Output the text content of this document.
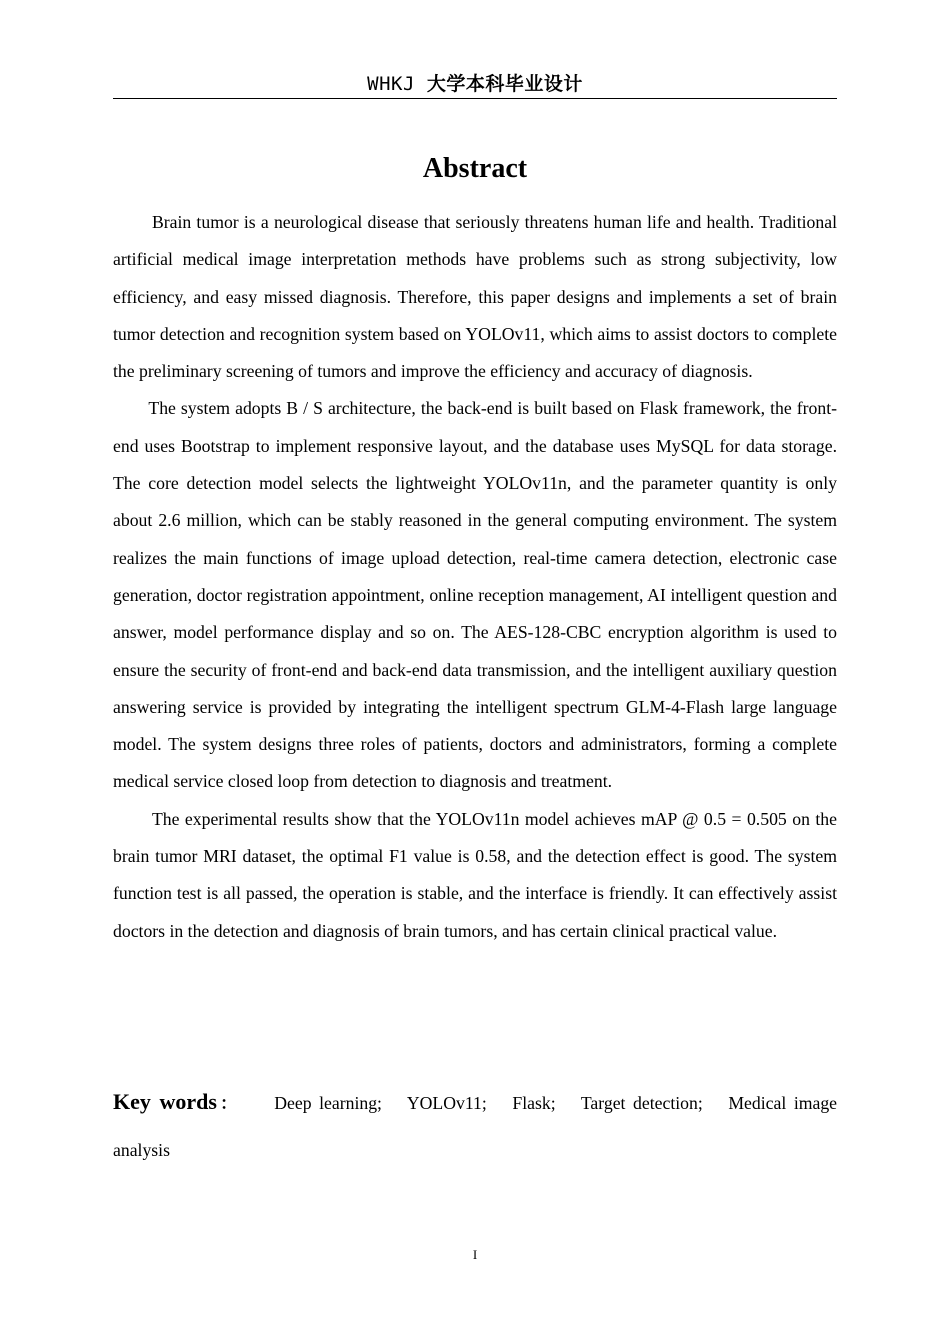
WHKJ 大学本科毕业设计
Abstract

Brain tumor is a neurological disease that seriously threatens human life and health. Traditional artificial medical image interpretation methods have problems such as strong subjectivity, low efficiency, and easy missed diagnosis. Therefore, this paper designs and implements a set of brain tumor detection and recognition system based on YOLOv11, which aims to assist doctors to complete the preliminary screening of tumors and improve the efficiency and accuracy of diagnosis.

The system adopts B / S architecture, the back-end is built based on Flask framework, the front-end uses Bootstrap to implement responsive layout, and the database uses MySQL for data storage. The core detection model selects the lightweight YOLOv11n, and the parameter quantity is only about 2.6 million, which can be stably reasoned in the general computing environment. The system realizes the main functions of image upload detection, real-time camera detection, electronic case generation, doctor registration appointment, online reception management, AI intelligent question and answer, model performance display and so on. The AES-128-CBC encryption algorithm is used to ensure the security of front-end and back-end data transmission, and the intelligent auxiliary question answering service is provided by integrating the intelligent spectrum GLM-4-Flash large language model. The system designs three roles of patients, doctors and administrators, forming a complete medical service closed loop from detection to diagnosis and treatment.

The experimental results show that the YOLOv11n model achieves mAP @ 0.5 = 0.505 on the brain tumor MRI dataset, the optimal F1 value is 0.58, and the detection effect is good. The system function test is all passed, the operation is stable, and the interface is friendly. It can effectively assist doctors in the detection and diagnosis of brain tumors, and has certain clinical practical value.

Key words： Deep learning; YOLOv11; Flask; Target detection; Medical image analysis
I
